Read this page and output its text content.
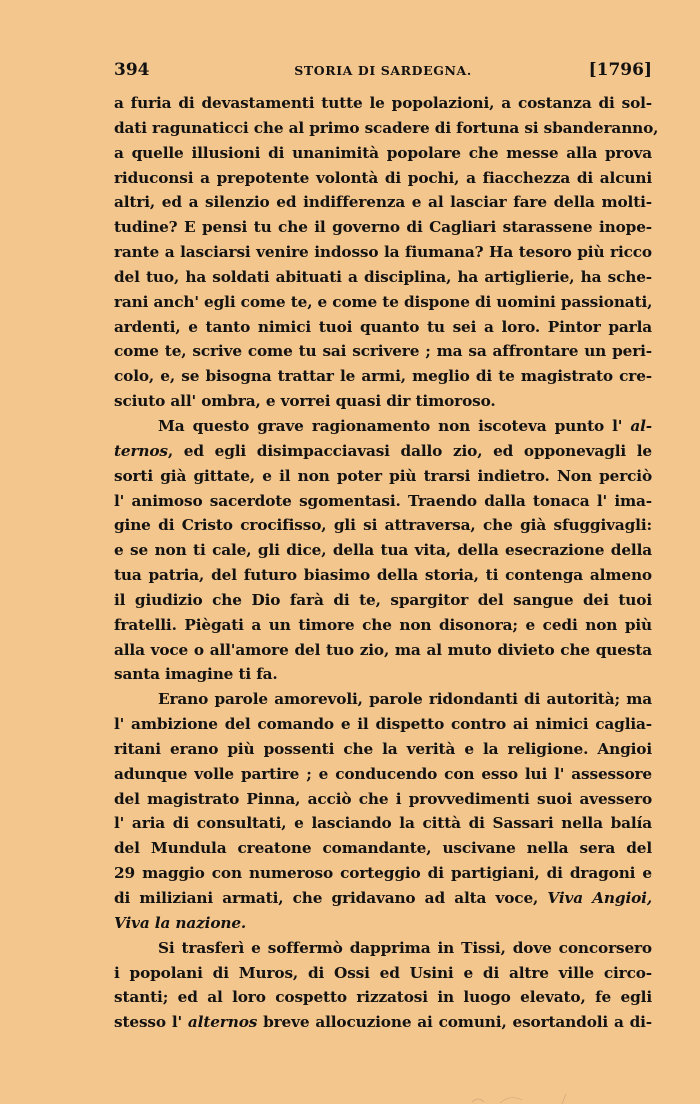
394	STORIA DI SARDEGNA.	[1796]
a furia di devastamenti tutte le popolazioni, a costanza di sol-
dati ragunaticci che al primo scadere di fortuna si sbanderanno,
a quelle illusioni di unanimità popolare che messe alla prova
riduconsi a prepotente volontà di pochi, a fiacchezza di alcuni
altri, ed a silenzio ed indifferenza e al lasciar fare della molti-
tudine? E pensi tu che il governo di Cagliari starassene inope-
rante a lasciarsi venire indosso la fiumana? Ha tesoro più ricco
del tuo, ha soldati abituati a disciplina, ha artiglierie, ha sche-
rani anch' egli come te, e come te dispone di uomini passionati,
ardenti, e tanto nimici tuoi quanto tu sei a loro. Pintor parla
come te, scrive come tu sai scrivere ; ma sa affrontare un peri-
colo, e, se bisogna trattar le armi, meglio di te magistrato cre-
sciuto all' ombra, e vorrei quasi dir timoroso.
Ma questo grave ragionamento non iscoteva punto l' al-
ternos, ed egli disimpacciavasi dallo zio, ed opponevagli le
sorti già gittate, e il non poter più trarsi indietro. Non perciò
l' animoso sacerdote sgomentasi. Traendo dalla tonaca l' ima-
gine di Cristo crocifisso, gli si attraversa, che già sfuggivagli:
e se non ti cale, gli dice, della tua vita, della esecrazione della
tua patria, del futuro biasimo della storia, ti contenga almeno
il giudizio che Dio farà di te, spargitor del sangue dei tuoi
fratelli. Piègati a un timore che non disonora; e cedi non più
alla voce o all'amore del tuo zio, ma al muto divieto che questa
santa imagine ti fa.
Erano parole amorevoli, parole ridondanti di autorità; ma
l' ambizione del comando e il dispetto contro ai nimici caglia-
ritani erano più possenti che la verità e la religione. Angioi
adunque volle partire ; e conducendo con esso lui l' assessore
del magistrato Pinna, acciò che i provvedimenti suoi avessero
l' aria di consultati, e lasciando la città di Sassari nella balía
del Mundula creatone comandante, uscivane nella sera del
29 maggio con numeroso corteggio di partigiani, di dragoni e
di miliziani armati, che gridavano ad alta voce, Viva Angioi,
Viva la nazione.
Si trasferì e soffermò dapprima in Tissi, dove concorsero
i popolani di Muros, di Ossi ed Usini e di altre ville circo-
stanti; ed al loro cospetto rizzatosi in luogo elevato, fe egli
stesso l' alternos breve allocuzione ai comuni, esortandoli a di-
